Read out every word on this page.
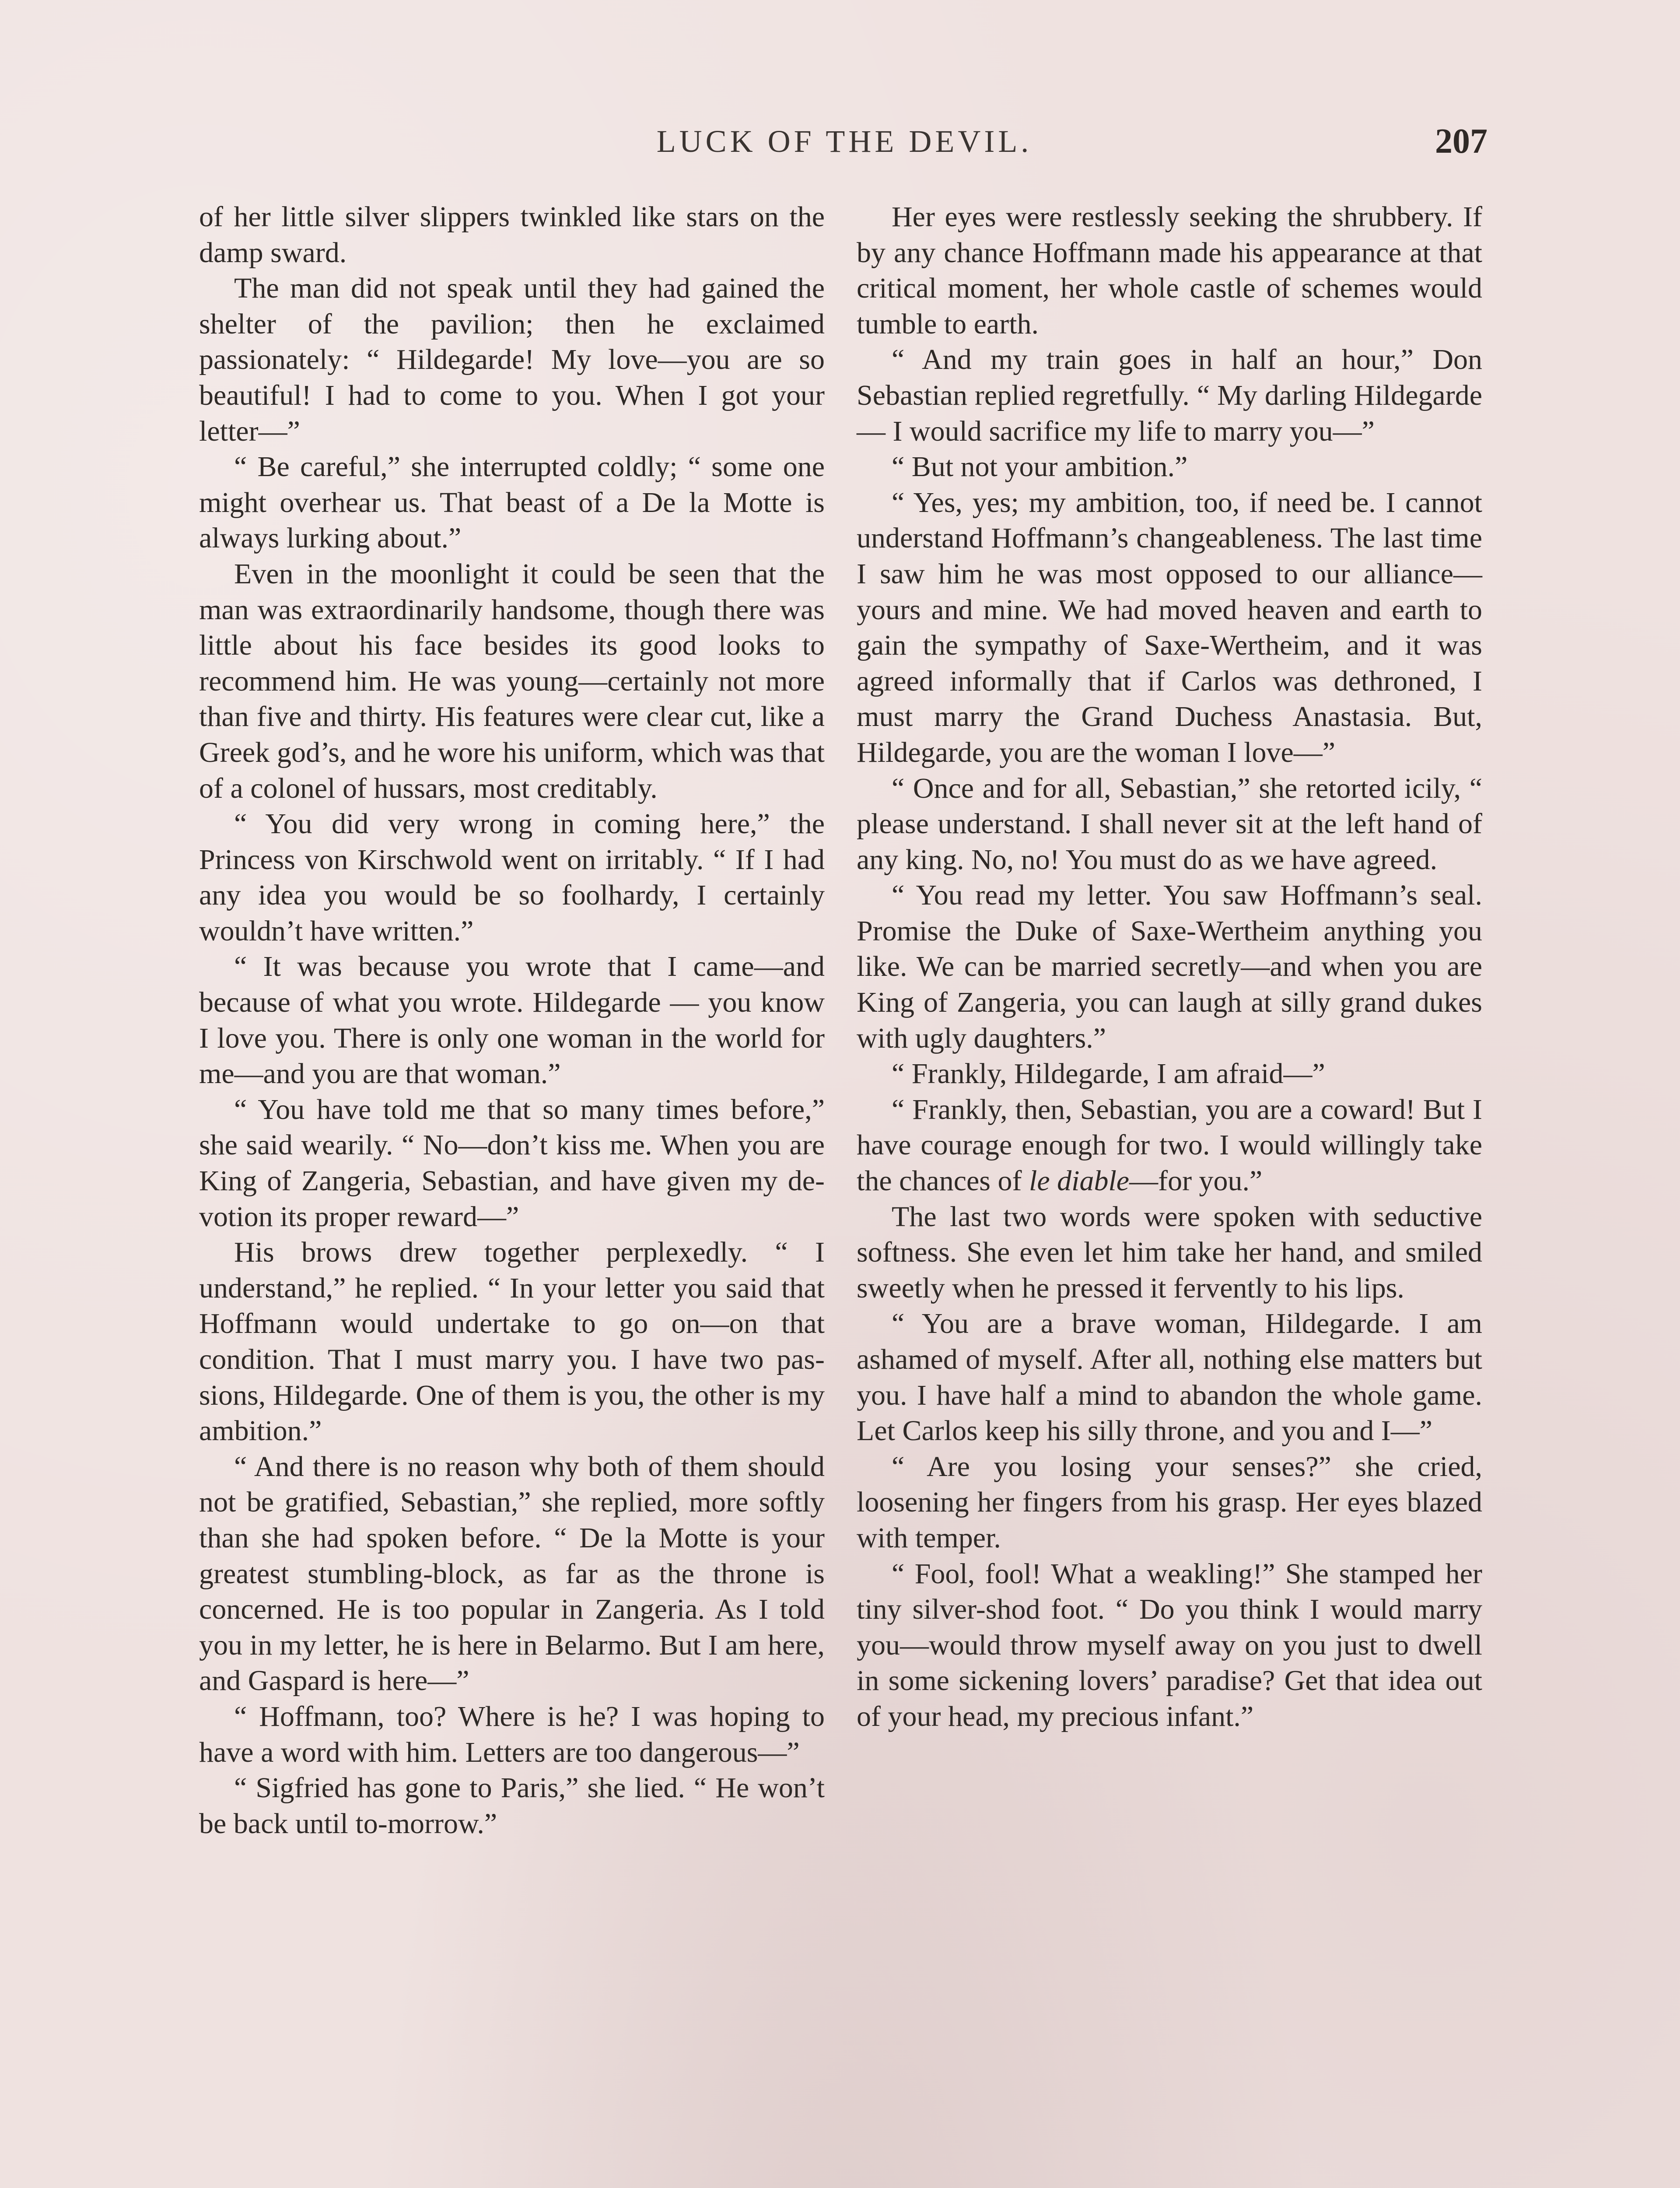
LUCK OF THE DEVIL.	207

of her little silver slippers twinkled like stars on the damp sward.

The man did not speak until they had gained the shelter of the pavilion; then he exclaimed passionately: “ Hildegarde! My love—you are so beautiful! I had to come to you. When I got your letter—”

“ Be careful,” she interrupted coldly; “ some one might overhear us. That beast of a De la Motte is always lurking about.”

Even in the moonlight it could be seen that the man was extraordinarily handsome, though there was little about his face besides its good looks to recommend him. He was young—certainly not more than five and thirty. His features were clear cut, like a Greek god’s, and he wore his uniform, which was that of a colonel of hussars, most creditably.

“ You did very wrong in coming here,” the Princess von Kirschwold went on irritably. “ If I had any idea you would be so foolhardy, I certainly wouldn’t have written.”

“ It was because you wrote that I came—and because of what you wrote. Hildegarde — you know I love you. There is only one woman in the world for me—and you are that woman.”

“ You have told me that so many times before,” she said wearily. “ No—don’t kiss me. When you are King of Zangeria, Sebastian, and have given my devotion its proper reward—”

His brows drew together perplexedly. “ I understand,” he replied. “ In your letter you said that Hoffmann would undertake to go on—on that condition. That I must marry you. I have two passions, Hildegarde. One of them is you, the other is my ambition.”

“ And there is no reason why both of them should not be gratified, Sebastian,” she replied, more softly than she had spoken before. “ De la Motte is your greatest stumbling-block, as far as the throne is concerned. He is too popular in Zangeria. As I told you in my letter, he is here in Belarmo. But I am here, and Gaspard is here—”

“ Hoffmann, too? Where is he? I was hoping to have a word with him. Letters are too dangerous—”

“ Sigfried has gone to Paris,” she lied. “ He won’t be back until to-morrow.”

Her eyes were restlessly seeking the shrubbery. If by any chance Hoffmann made his appearance at that critical moment, her whole castle of schemes would tumble to earth.

“ And my train goes in half an hour,” Don Sebastian replied regretfully. “ My darling Hildegarde — I would sacrifice my life to marry you—”

“ But not your ambition.”

“ Yes, yes; my ambition, too, if need be. I cannot understand Hoffmann’s changeableness. The last time I saw him he was most opposed to our alliance—yours and mine. We had moved heaven and earth to gain the sympathy of Saxe-Wertheim, and it was agreed informally that if Carlos was dethroned, I must marry the Grand Duchess Anastasia. But, Hildegarde, you are the woman I love—”

“ Once and for all, Sebastian,” she retorted icily, “ please understand. I shall never sit at the left hand of any king. No, no! You must do as we have agreed.

“ You read my letter. You saw Hoffmann’s seal. Promise the Duke of Saxe-Wertheim anything you like. We can be married secretly—and when you are King of Zangeria, you can laugh at silly grand dukes with ugly daughters.”

“ Frankly, Hildegarde, I am afraid—”

“ Frankly, then, Sebastian, you are a coward! But I have courage enough for two. I would willingly take the chances of le diable—for you.”

The last two words were spoken with seductive softness. She even let him take her hand, and smiled sweetly when he pressed it fervently to his lips.

“ You are a brave woman, Hildegarde. I am ashamed of myself. After all, nothing else matters but you. I have half a mind to abandon the whole game. Let Carlos keep his silly throne, and you and I—”

“ Are you losing your senses?” she cried, loosening her fingers from his grasp. Her eyes blazed with temper.

“ Fool, fool! What a weakling!” She stamped her tiny silver-shod foot. “ Do you think I would marry you—would throw myself away on you just to dwell in some sickening lovers’ paradise? Get that idea out of your head, my precious infant.”
